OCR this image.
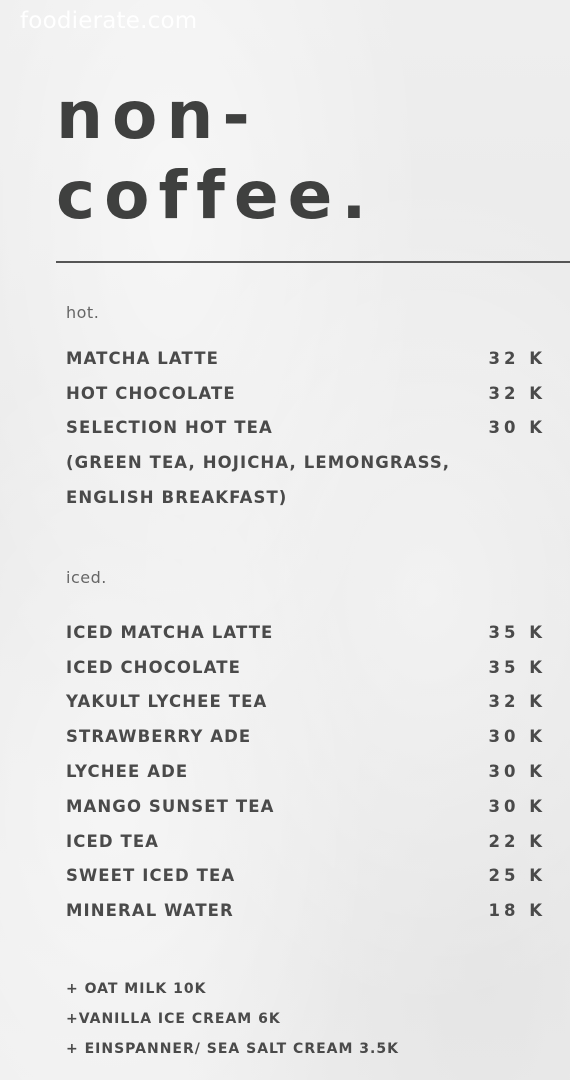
foodierate.com
non-
coffee.
hot.
MATCHA LATTE	32 K
HOT CHOCOLATE	32 K
SELECTION HOT TEA	30 K
(GREEN TEA, HOJICHA, LEMONGRASS,
ENGLISH BREAKFAST)
iced.
ICED MATCHA LATTE	35 K
ICED CHOCOLATE	35 K
YAKULT LYCHEE TEA	32 K
STRAWBERRY ADE	30 K
LYCHEE ADE	30 K
MANGO SUNSET TEA	30 K
ICED TEA	22 K
SWEET ICED TEA	25 K
MINERAL WATER	18 K
+ OAT MILK 10K
+VANILLA ICE CREAM 6K
+ EINSPANNER/ SEA SALT CREAM 3.5K
